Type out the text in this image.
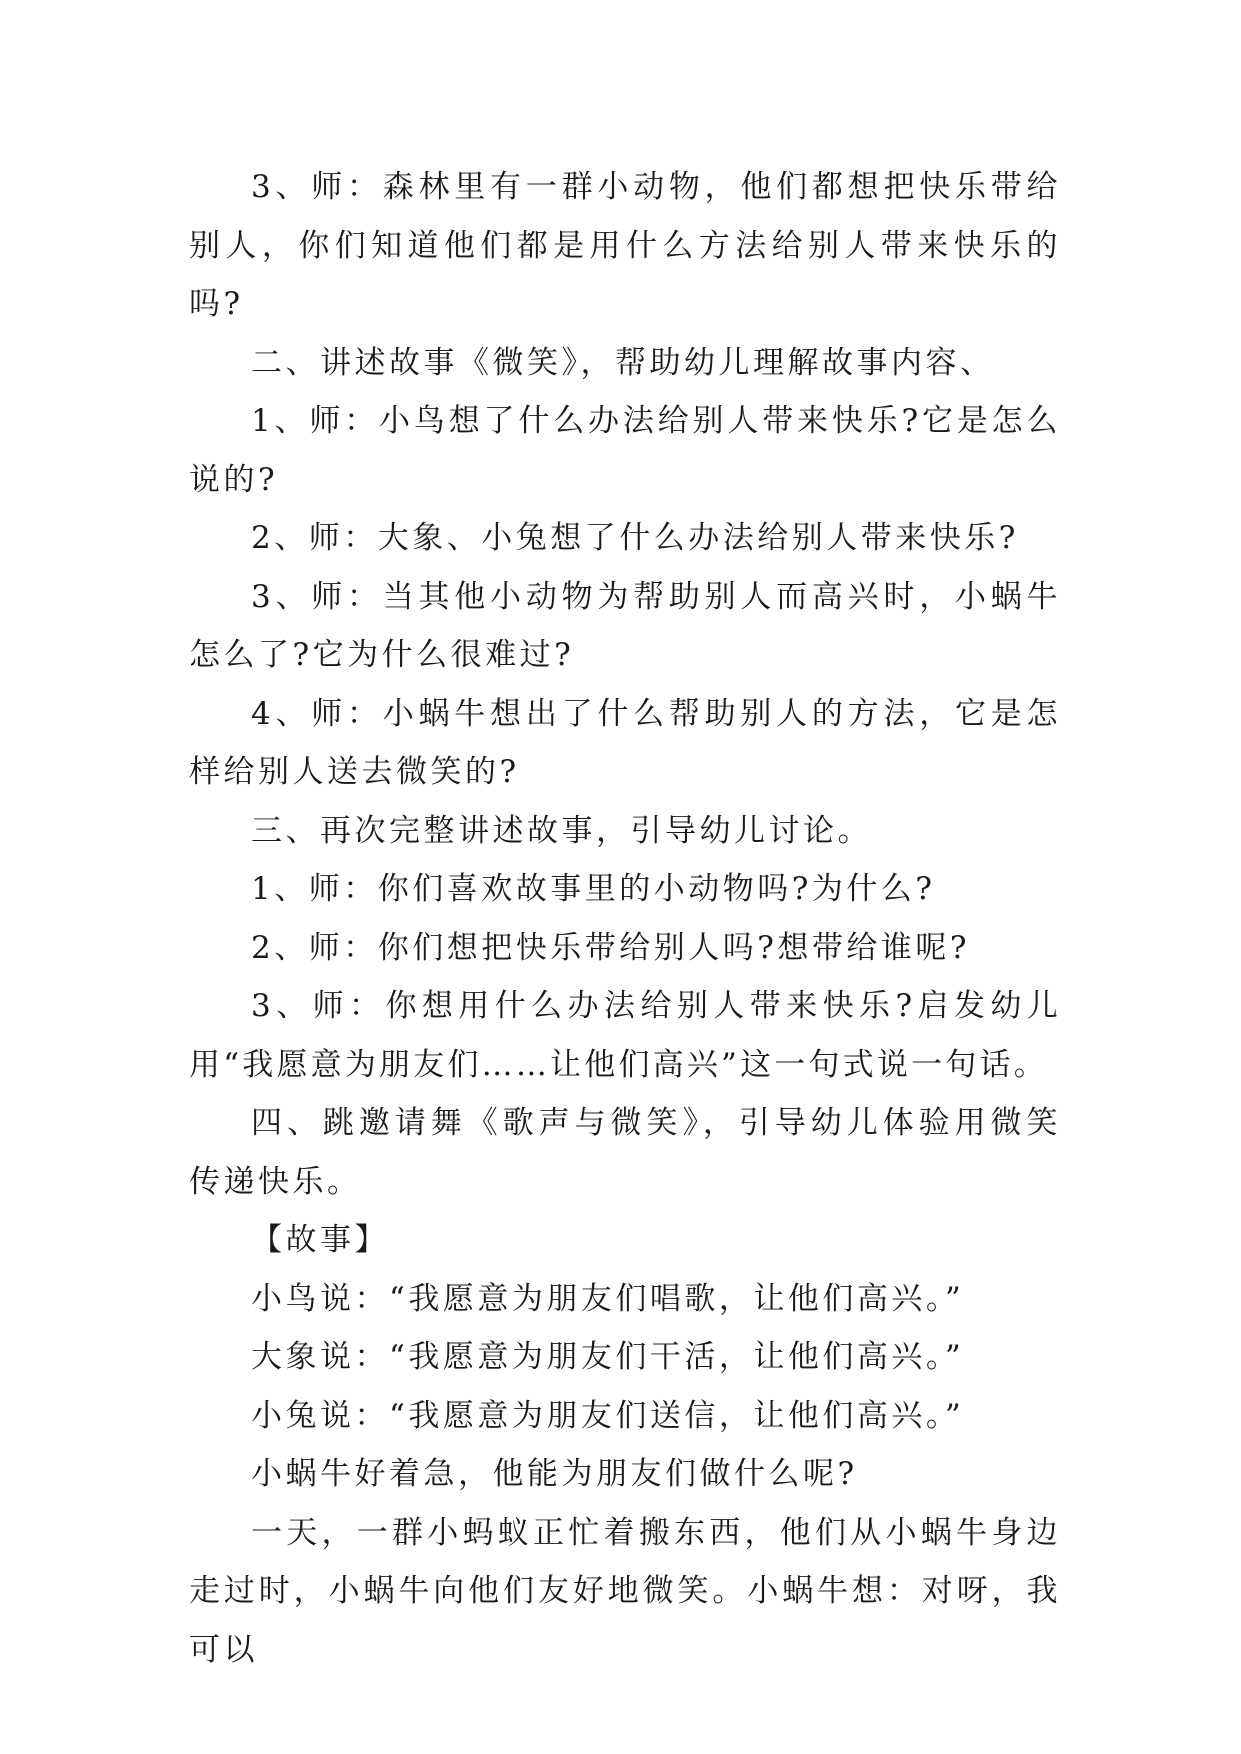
3、师：森林里有一群小动物，他们都想把快乐带给别人，你们知道他们都是用什么方法给别人带来快乐的吗?

二、讲述故事《微笑》，帮助幼儿理解故事内容、

1、师：小鸟想了什么办法给别人带来快乐?它是怎么说的?

2、师：大象、小兔想了什么办法给别人带来快乐?

3、师：当其他小动物为帮助别人而高兴时，小蜗牛怎么了?它为什么很难过?

4、师：小蜗牛想出了什么帮助别人的方法，它是怎样给别人送去微笑的?

三、再次完整讲述故事，引导幼儿讨论。

1、师：你们喜欢故事里的小动物吗?为什么?

2、师：你们想把快乐带给别人吗?想带给谁呢?

3、师：你想用什么办法给别人带来快乐?启发幼儿用“我愿意为朋友们……让他们高兴”这一句式说一句话。

四、跳邀请舞《歌声与微笑》，引导幼儿体验用微笑传递快乐。

【故事】

小鸟说：“我愿意为朋友们唱歌，让他们高兴。”

大象说：“我愿意为朋友们干活，让他们高兴。”

小兔说：“我愿意为朋友们送信，让他们高兴。”

小蜗牛好着急，他能为朋友们做什么呢?

一天，一群小蚂蚁正忙着搬东西，他们从小蜗牛身边走过时，小蜗牛向他们友好地微笑。小蜗牛想：对呀，我可以
